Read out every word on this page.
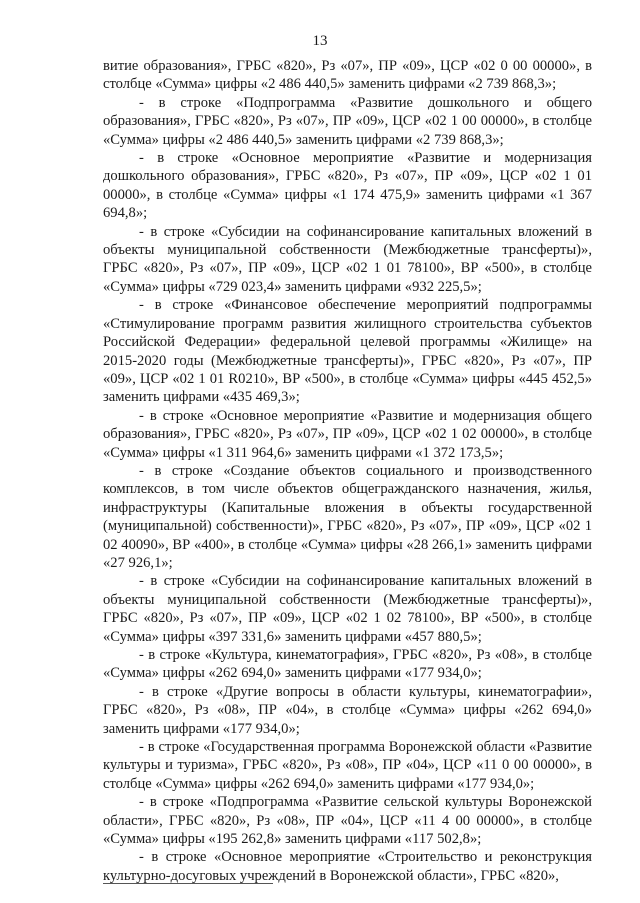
13

витие образования», ГРБС «820», Рз «07», ПР «09», ЦСР «02 0 00 00000», в столбце «Сумма» цифры «2 486 440,5» заменить цифрами «2 739 868,3»;

- в строке «Подпрограмма «Развитие дошкольного и общего образования», ГРБС «820», Рз «07», ПР «09», ЦСР «02 1 00 00000», в столбце «Сумма» цифры «2 486 440,5» заменить цифрами «2 739 868,3»;

- в строке «Основное мероприятие «Развитие и модернизация дошкольного образования», ГРБС «820», Рз «07», ПР «09», ЦСР «02 1 01 00000», в столбце «Сумма» цифры «1 174 475,9» заменить цифрами «1 367 694,8»;

- в строке «Субсидии на софинансирование капитальных вложений в объекты муниципальной собственности (Межбюджетные трансферты)», ГРБС «820», Рз «07», ПР «09», ЦСР «02 1 01 78100», ВР «500», в столбце «Сумма» цифры «729 023,4» заменить цифрами «932 225,5»;

- в строке «Финансовое обеспечение мероприятий подпрограммы «Стимулирование программ развития жилищного строительства субъектов Российской Федерации» федеральной целевой программы «Жилище» на 2015-2020 годы (Межбюджетные трансферты)», ГРБС «820», Рз «07», ПР «09», ЦСР «02 1 01 R0210», ВР «500», в столбце «Сумма» цифры «445 452,5» заменить цифрами «435 469,3»;

- в строке «Основное мероприятие «Развитие и модернизация общего образования», ГРБС «820», Рз «07», ПР «09», ЦСР «02 1 02 00000», в столбце «Сумма» цифры «1 311 964,6» заменить цифрами «1 372 173,5»;

- в строке «Создание объектов социального и производственного комплексов, в том числе объектов общегражданского назначения, жилья, инфраструктуры (Капитальные вложения в объекты государственной (муниципальной) собственности)», ГРБС «820», Рз «07», ПР «09», ЦСР «02 1 02 40090», ВР «400», в столбце «Сумма» цифры «28 266,1» заменить цифрами «27 926,1»;

- в строке «Субсидии на софинансирование капитальных вложений в объекты муниципальной собственности (Межбюджетные трансферты)», ГРБС «820», Рз «07», ПР «09», ЦСР «02 1 02 78100», ВР «500», в столбце «Сумма» цифры «397 331,6» заменить цифрами «457 880,5»;

- в строке «Культура, кинематография», ГРБС «820», Рз «08», в столбце «Сумма» цифры «262 694,0» заменить цифрами «177 934,0»;

- в строке «Другие вопросы в области культуры, кинематографии», ГРБС «820», Рз «08», ПР «04», в столбце «Сумма» цифры «262 694,0» заменить цифрами «177 934,0»;

- в строке «Государственная программа Воронежской области «Развитие культуры и туризма», ГРБС «820», Рз «08», ПР «04», ЦСР «11 0 00 00000», в столбце «Сумма» цифры «262 694,0» заменить цифрами «177 934,0»;

- в строке «Подпрограмма «Развитие сельской культуры Воронежской области», ГРБС «820», Рз «08», ПР «04», ЦСР «11 4 00 00000», в столбце «Сумма» цифры «195 262,8» заменить цифрами «117 502,8»;

- в строке «Основное мероприятие «Строительство и реконструкция культурно-досуговых учреждений в Воронежской области», ГРБС «820»,
